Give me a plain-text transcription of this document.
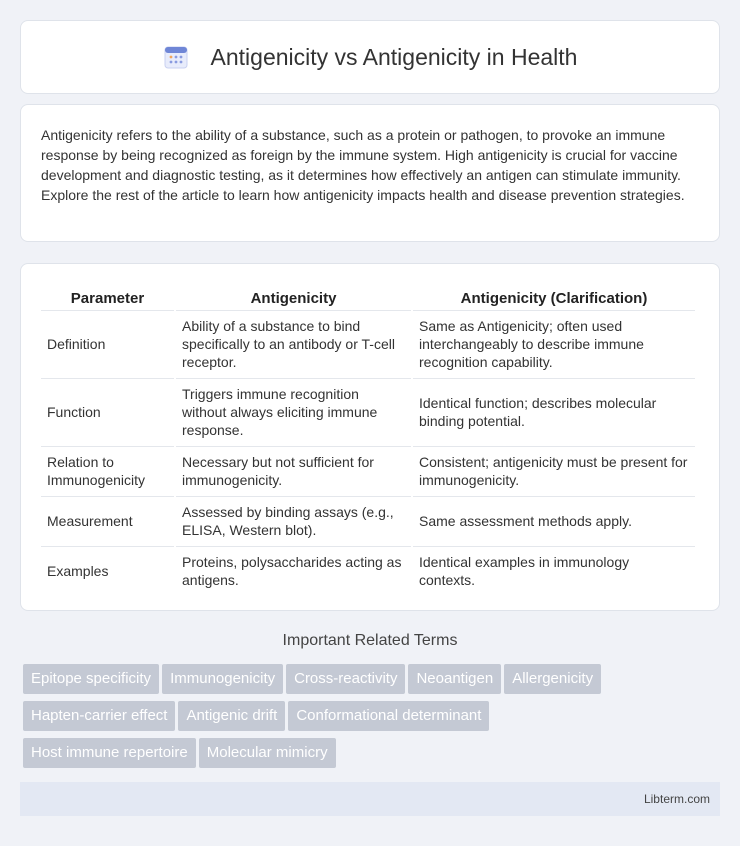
Antigenicity vs Antigenicity in Health

Antigenicity refers to the ability of a substance, such as a protein or pathogen, to provoke an immune response by being recognized as foreign by the immune system. High antigenicity is crucial for vaccine development and diagnostic testing, as it determines how effectively an antigen can stimulate immunity. Explore the rest of the article to learn how antigenicity impacts health and disease prevention strategies.

Parameter	Antigenicity	Antigenicity (Clarification)
Definition	Ability of a substance to bind specifically to an antibody or T-cell receptor.	Same as Antigenicity; often used interchangeably to describe immune recognition capability.
Function	Triggers immune recognition without always eliciting immune response.	Identical function; describes molecular binding potential.
Relation to Immunogenicity	Necessary but not sufficient for immunogenicity.	Consistent; antigenicity must be present for immunogenicity.
Measurement	Assessed by binding assays (e.g., ELISA, Western blot).	Same assessment methods apply.
Examples	Proteins, polysaccharides acting as antigens.	Identical examples in immunology contexts.
Important Related Terms
Epitope specificity Immunogenicity Cross-reactivity Neoantigen Allergenicity
Hapten-carrier effect Antigenic drift Conformational determinant
Host immune repertoire Molecular mimicry
Libterm.com
